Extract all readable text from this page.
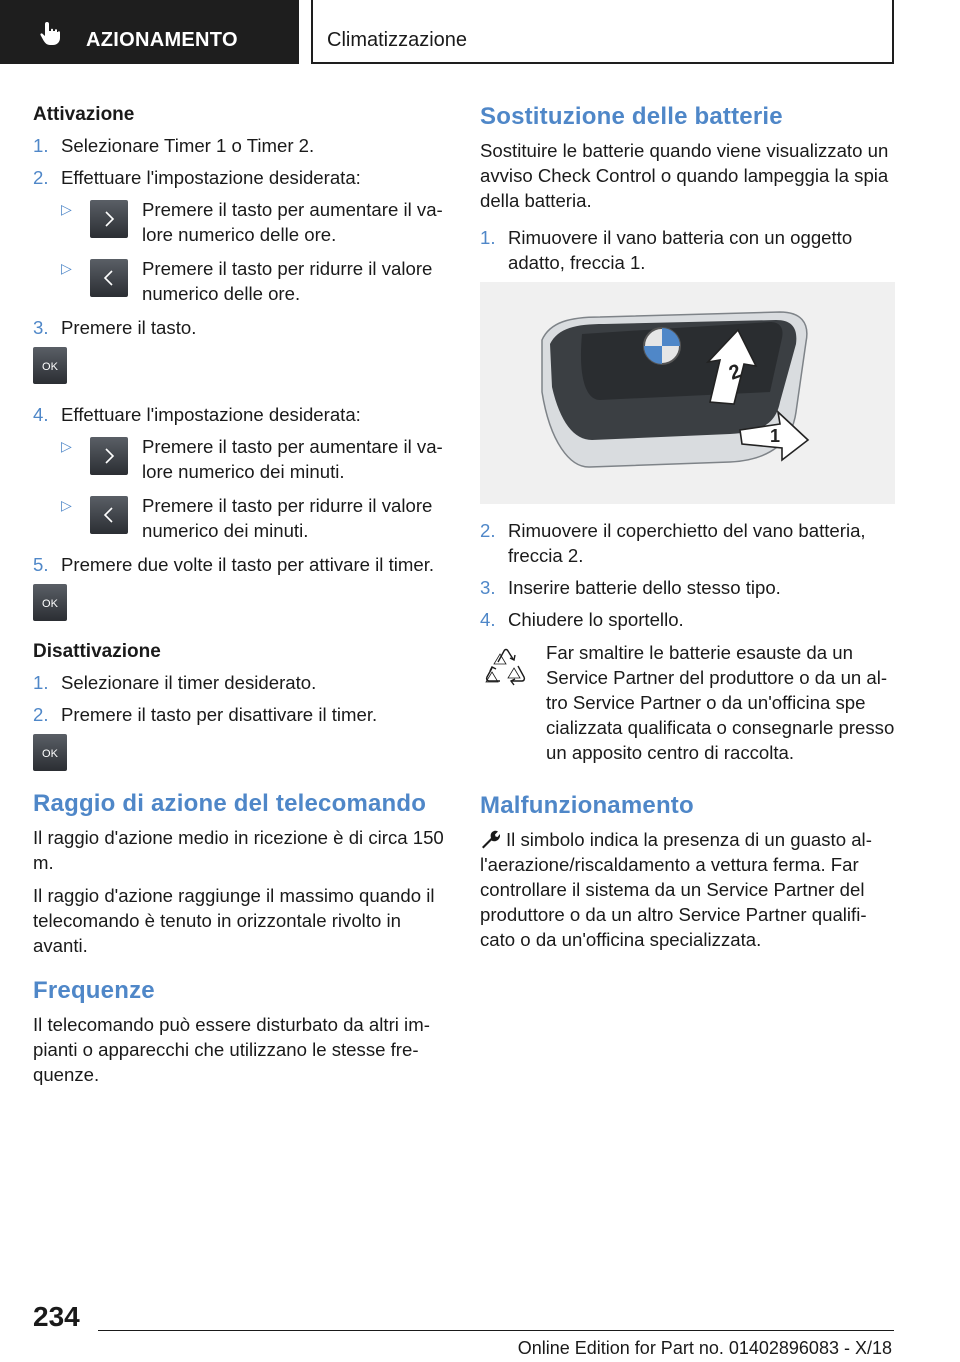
AZIONAMENTO	Climatizzazione
Attivazione
1. Selezionare Timer 1 o Timer 2.
2. Effettuare l'impostazione desiderata:
▷	Premere il tasto per aumentare il valore numerico delle ore.
▷	Premere il tasto per ridurre il valore numerico delle ore.
3. Premere il tasto.
OK
4. Effettuare l'impostazione desiderata:
▷	Premere il tasto per aumentare il valore numerico dei minuti.
▷	Premere il tasto per ridurre il valore numerico dei minuti.
5. Premere due volte il tasto per attivare il timer.
OK
Disattivazione
1. Selezionare il timer desiderato.
2. Premere il tasto per disattivare il timer.
OK
Raggio di azione del telecomando

Il raggio d'azione medio in ricezione è di circa 150 m.

Il raggio d'azione raggiunge il massimo quando il telecomando è tenuto in orizzontale rivolto in avanti.

Frequenze

Il telecomando può essere disturbato da altri impianti o apparecchi che utilizzano le stesse frequenze.

Sostituzione delle batterie

Sostituire le batterie quando viene visualizzato un avviso Check Control o quando lampeggia la spia della batteria.

1. Rimuovere il vano batteria con un oggetto adatto, freccia 1.
2
1
2. Rimuovere il coperchietto del vano batteria, freccia 2.
3. Inserire batterie dello stesso tipo.
4. Chiudere lo sportello.

Far smaltire le batterie esauste da un Service Partner del produttore o da un altro Service Partner o da un'officina spe

cializzata qualificata o consegnarle presso un apposito centro di raccolta.

Malfunzionamento

Il simbolo indica la presenza di un guasto all'aerazione/riscaldamento a vettura ferma. Far controllare il sistema da un Service Partner del produttore o da un altro Service Partner qualificato o da un'officina specializzata.

234
Online Edition for Part no. 01402896083 - X/18
